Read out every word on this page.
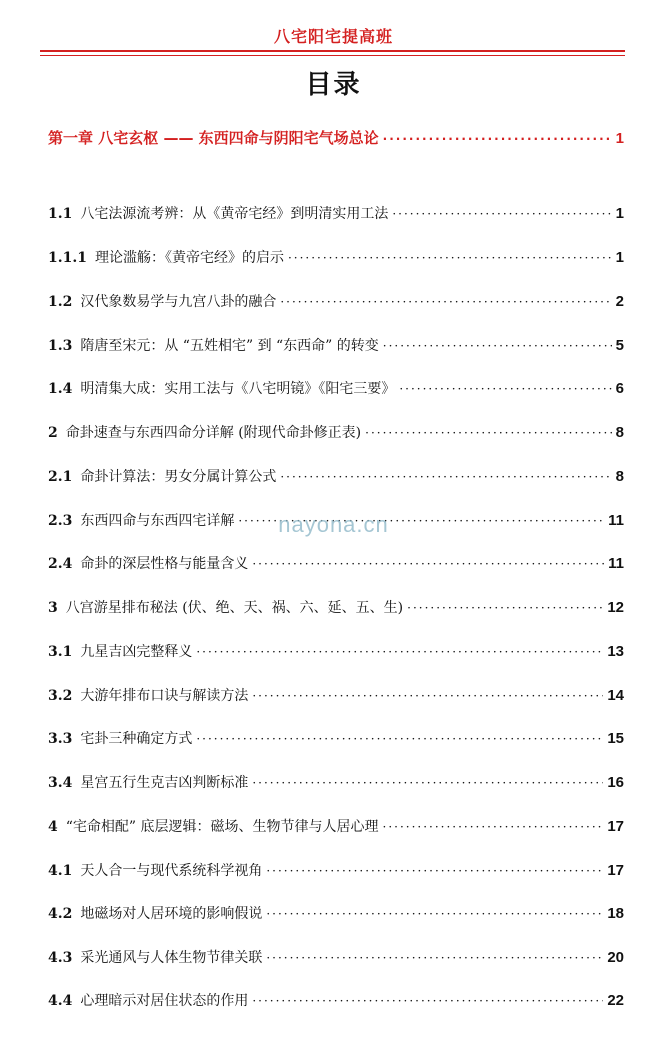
八宅阳宅提高班
目录
第一章 八宅玄枢 —— 东西四命与阴阳宅气场总论 ·····	1
1.1 八宅法源流考辨：从《黄帝宅经》到明清实用工法 ·····	1
1.1.1 理论滥觞：《黄帝宅经》的启示 ·····	1
1.2 汉代象数易学与九宫八卦的融合 ·····	2
1.3 隋唐至宋元：从 “五姓相宅” 到 “东西命” 的转变 ·····	5
1.4 明清集大成：实用工法与《八宅明镜》《阳宅三要》 ·····	6
2 命卦速查与东西四命分详解 (附现代命卦修正表) ·····	8
2.1 命卦计算法：男女分属计算公式 ·····	8
2.3 东西四命与东西四宅详解 ·····	11
2.4 命卦的深层性格与能量含义 ·····	11
3 八宫游星排布秘法 (伏、绝、天、祸、六、延、五、生) ·····	12
3.1 九星吉凶完整释义 ·····	13
3.2 大游年排布口诀与解读方法 ·····	14
3.3 宅卦三种确定方式 ·····	15
3.4 星宫五行生克吉凶判断标准 ·····	16
4 “宅命相配” 底层逻辑：磁场、生物节律与人居心理 ·····	17
4.1 天人合一与现代系统科学视角 ·····	17
4.2 地磁场对人居环境的影响假说 ·····	18
4.3 采光通风与人体生物节律关联 ·····	20
4.4 心理暗示对居住状态的作用 ·····	22
nayona.cn
